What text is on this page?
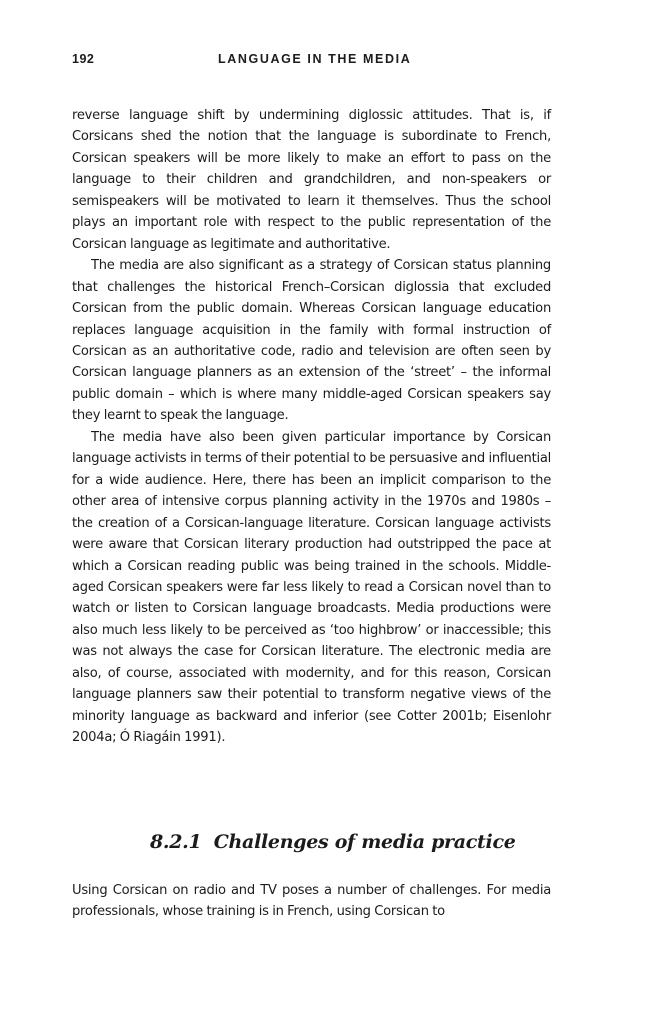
192	LANGUAGE IN THE MEDIA

reverse language shift by undermining diglossic attitudes. That is, if Corsicans shed the notion that the language is subordinate to French, Corsican speakers will be more likely to make an effort to pass on the language to their children and grandchildren, and non-speakers or semispeakers will be motivated to learn it themselves. Thus the school plays an important role with respect to the public representation of the Corsican language as legitimate and authoritative.

The media are also significant as a strategy of Corsican status planning that challenges the historical French–Corsican diglossia that excluded Corsican from the public domain. Whereas Corsican language education replaces language acquisition in the family with formal instruction of Corsican as an authoritative code, radio and television are often seen by Corsican language planners as an extension of the ‘street’ – the informal public domain – which is where many middle-aged Corsican speakers say they learnt to speak the language.

The media have also been given particular importance by Corsican language activists in terms of their potential to be persuasive and influential for a wide audience. Here, there has been an implicit comparison to the other area of intensive corpus planning activity in the 1970s and 1980s – the creation of a Corsican-language literature. Corsican language activists were aware that Corsican literary production had outstripped the pace at which a Corsican reading public was being trained in the schools. Middle-aged Corsican speakers were far less likely to read a Corsican novel than to watch or listen to Corsican language broadcasts. Media productions were also much less likely to be perceived as ‘too highbrow’ or inaccessible; this was not always the case for Corsican literature. The electronic media are also, of course, associated with modernity, and for this reason, Corsican language planners saw their potential to transform negative views of the minority language as backward and inferior (see Cotter 2001b; Eisenlohr 2004a; Ó Riagáin 1991).

8.2.1 Challenges of media practice

Using Corsican on radio and TV poses a number of challenges. For media professionals, whose training is in French, using Corsican to
